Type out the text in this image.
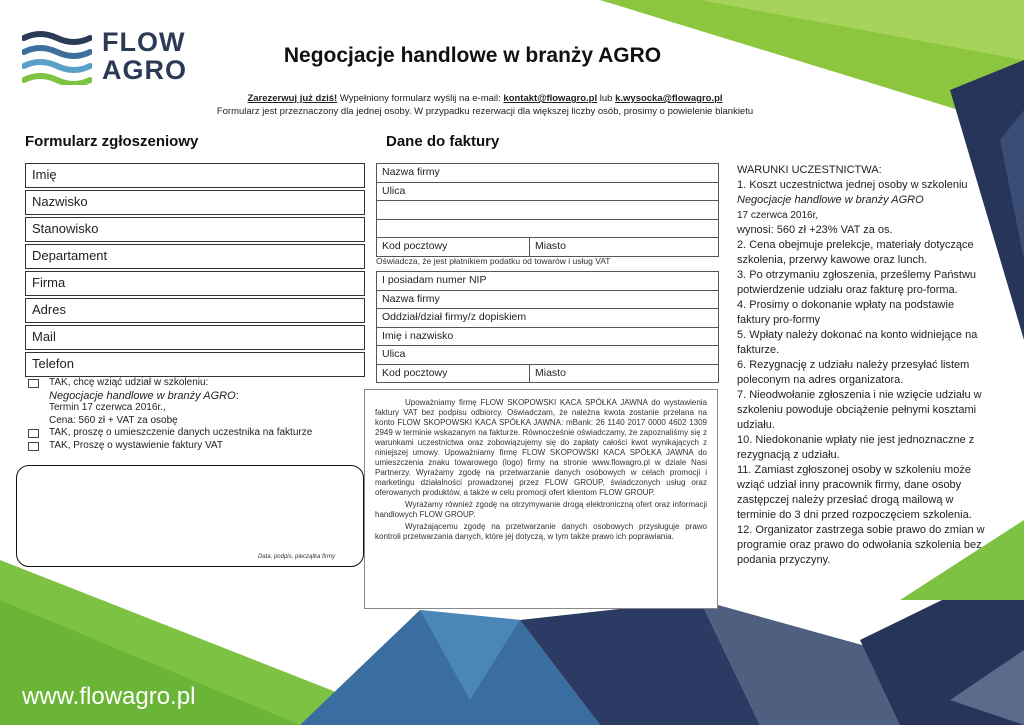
FLOW
AGRO	Negocjacje handlowe w branży AGRO
Zarezerwuj już dziś! Wypełniony formularz wyślij na e-mail: kontakt@flowagro.pl lub k.wysocka@flowagro.pl
Formularz jest przeznaczony dla jednej osoby. W przypadku rezerwacji dla większej liczby osób, prosimy o powielenie blankietu
Formularz zgłoszeniowy	Dane do faktury
Imię
Nazwisko
Stanowisko
Departament
Firma
Adres
Mail
Telefon
Nazwa firmy
Ulica
Kod pocztowy	Miasto
Oświadcza, że jest płatnikiem podatku od towarów i usług VAT
I posiadam numer NIP
Nazwa firmy
Oddział/dział firmy/z dopiskiem
Imię i nazwisko
Ulica
Kod pocztowy	Miasto
TAK, chcę wziąć udział w szkoleniu:
Negocjacje handlowe w branży AGRO:
Termin 17 czerwca 2016r.,
Cena: 560 zł + VAT za osobę
TAK, proszę o umieszczenie danych uczestnika na fakturze
TAK, Proszę o wystawienie faktury VAT
Data, podpis, pieczątka firmy

Upoważniamy firmę FLOW SKOPOWSKI KACA SPÓŁKA JAWNA do wystawienia faktury VAT bez podpisu odbiorcy. Oświadczam, że należna kwota zostanie przelana na konto FLOW SKOPOWSKI KACA SPÓŁKA JAWNA: mBank: 26 1140 2017 0000 4602 1309 2949 w terminie wskazanym na fakturze. Równocześnie oświadczamy, że zapoznaliśmy się z warunkami uczestnictwa oraz zobowiązujemy się do zapłaty całości kwot wynikających z niniejszej umowy. Upoważniamy firmę FLOW SKOPOWSKI KACA SPÓŁKA JAWNA do umieszczenia znaku towarowego (logo) firmy na stronie www.flowagro.pl w dziale Nasi Partnerzy. Wyrażamy zgodę na przetwarzanie danych osobowych w celach promocji i marketingu działalności prowadzonej przez FLOW GROUP, świadczonych usług oraz oferowanych produktów, a także w celu promocji ofert klientom FLOW GROUP.

Wyrażamy również zgodę na otrzymywanie drogą elektroniczną ofert oraz informacji handlowych FLOW GROUP.

Wyrażającemu zgodę na przetwarzanie danych osobowych przysługuje prawo kontroli przetwarzania danych, które jej dotyczą, w tym także prawo ich poprawiania.

WARUNKI UCZESTNICTWA:
1. Koszt uczestnictwa jednej osoby w szkoleniu
Negocjacje handlowe w branży AGRO
17 czerwca 2016r,
wynosi: 560 zł +23% VAT za os.
2. Cena obejmuje prelekcje, materiały dotyczące szkolenia, przerwy kawowe oraz lunch.
3. Po otrzymaniu zgłoszenia, prześlemy Państwu potwierdzenie udziału oraz fakturę pro-forma.
4. Prosimy o dokonanie wpłaty na podstawie faktury pro-formy
5. Wpłaty należy dokonać na konto widniejące na fakturze.
6. Rezygnację z udziału należy przesyłać listem poleconym na adres organizatora.
7. Nieodwołanie zgłoszenia i nie wzięcie udziału w szkoleniu powoduje obciążenie pełnymi kosztami udziału.
10. Niedokonanie wpłaty nie jest jednoznaczne z rezygnacją z udziału.
11. Zamiast zgłoszonej osoby w szkoleniu może wziąć udział inny pracownik firmy, dane osoby zastępczej należy przesłać drogą mailową w terminie do 3 dni przed rozpoczęciem szkolenia.
12. Organizator zastrzega sobie prawo do zmian w programie oraz prawo do odwołania szkolenia bez podania przyczyny.
www.flowagro.pl
